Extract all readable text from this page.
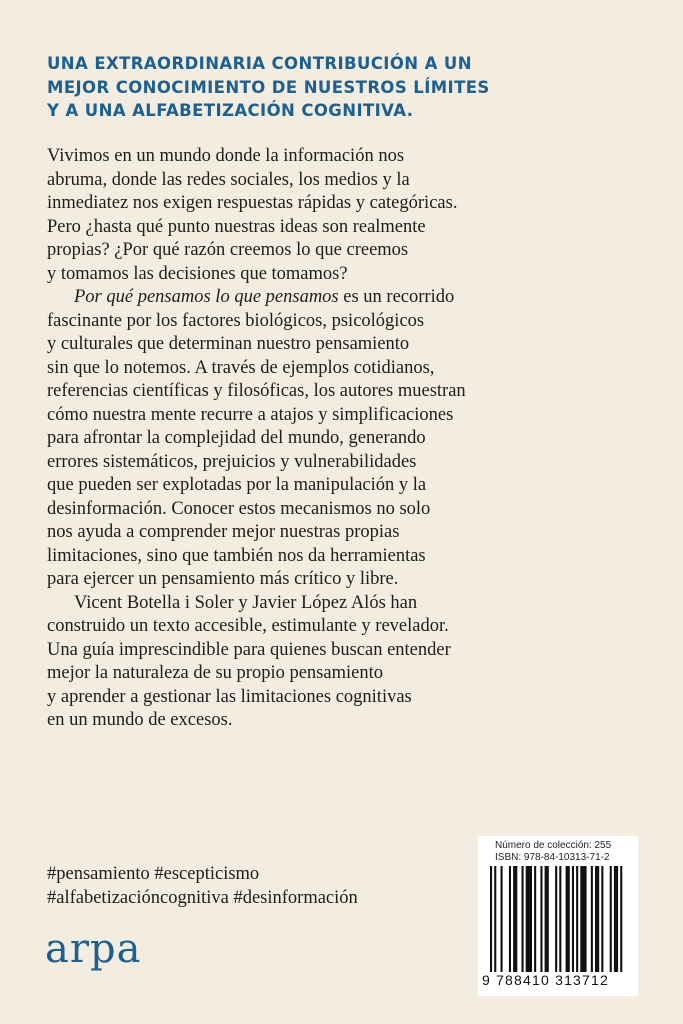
UNA EXTRAORDINARIA CONTRIBUCIÓN A UN
MEJOR CONOCIMIENTO DE NUESTROS LÍMITES
Y A UNA ALFABETIZACIÓN COGNITIVA.
Vivimos en un mundo donde la información nos
abruma, donde las redes sociales, los medios y la
inmediatez nos exigen respuestas rápidas y categóricas.
Pero ¿hasta qué punto nuestras ideas son realmente
propias? ¿Por qué razón creemos lo que creemos
y tomamos las decisiones que tomamos?
Por qué pensamos lo que pensamos es un recorrido
fascinante por los factores biológicos, psicológicos
y culturales que determinan nuestro pensamiento
sin que lo notemos. A través de ejemplos cotidianos,
referencias científicas y filosóficas, los autores muestran
cómo nuestra mente recurre a atajos y simplificaciones
para afrontar la complejidad del mundo, generando
errores sistemáticos, prejuicios y vulnerabilidades
que pueden ser explotadas por la manipulación y la
desinformación. Conocer estos mecanismos no solo
nos ayuda a comprender mejor nuestras propias
limitaciones, sino que también nos da herramientas
para ejercer un pensamiento más crítico y libre.
Vicent Botella i Soler y Javier López Alós han
construido un texto accesible, estimulante y revelador.
Una guía imprescindible para quienes buscan entender
mejor la naturaleza de su propio pensamiento
y aprender a gestionar las limitaciones cognitivas
en un mundo de excesos.
#pensamiento #escepticismo
#alfabetizacióncognitiva #desinformación
arpa
Número de colección: 255
ISBN: 978-84-10313-71-2
9 788410 313712
